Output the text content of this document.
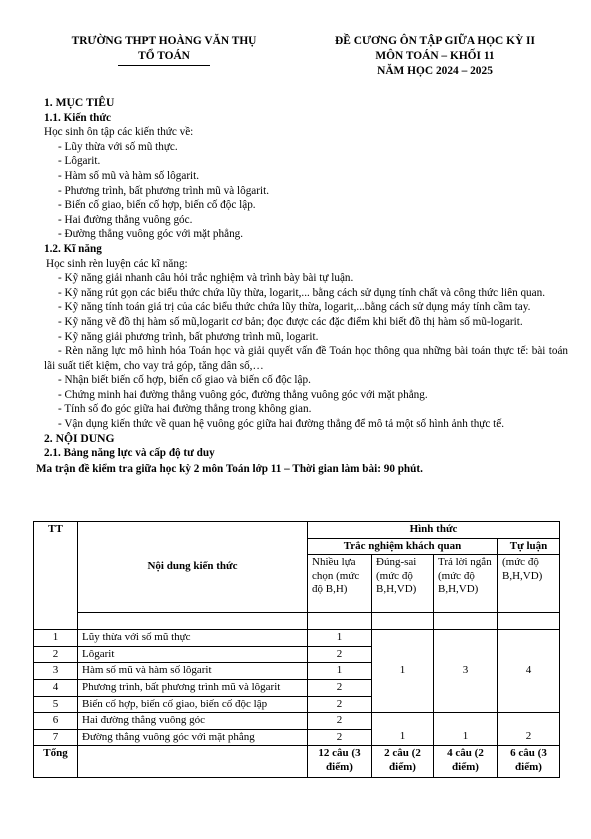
TRƯỜNG THPT HOÀNG VĂN THỤ
TỔ TOÁN
ĐỀ CƯƠNG ÔN TẬP GIỮA HỌC KỲ II
MÔN TOÁN – KHỐI 11
NĂM HỌC 2024 – 2025
1. MỤC TIÊU
1.1. Kiến thức
Học sinh ôn tập các kiến thức về:
- Lũy thừa với số mũ thực.
- Lôgarit.
- Hàm số mũ và hàm số lôgarit.
- Phương trình, bất phương trình mũ và lôgarit.
- Biến cố giao, biến cố hợp, biến cố độc lập.
- Hai đường thẳng vuông góc.
- Đường thẳng vuông góc với mặt phẳng.
1.2. Kĩ năng
Học sinh rèn luyện các kĩ năng:
- Kỹ năng giải nhanh câu hỏi trắc nghiệm và trình bày bài tự luận.
- Kỹ năng rút gọn các biểu thức chứa lũy thừa, logarit,... bằng cách sử dụng tính chất và công thức liên quan.
- Kỹ năng tính toán giá trị của các biểu thức chứa lũy thừa, logarit,...bằng cách sử dụng máy tính cầm tay.
- Kỹ năng vẽ đồ thị hàm số mũ,logarit cơ bản; đọc được các đặc điểm khi biết đồ thị hàm số mũ-logarit.
- Kỹ năng giải phương trình, bất phương trình mũ, logarit.
- Rèn năng lực mô hình hóa Toán học và giải quyết vấn đề Toán học thông qua những bài toán thực tế: bài toán lãi suất tiết kiệm, cho vay trả góp, tăng dân số,…
- Nhận biết biến cố hợp, biến cố giao và biến cố độc lập.
- Chứng minh hai đường thẳng vuông góc, đường thẳng vuông góc với mặt phẳng.
- Tính số đo góc giữa hai đường thẳng trong không gian.
- Vận dụng kiến thức về quan hệ vuông góc giữa hai đường thẳng để mô tả một số hình ảnh thực tế.
2. NỘI DUNG
2.1. Bảng năng lực và cấp độ tư duy
Ma trận đề kiểm tra giữa học kỳ 2 môn Toán lớp 11 – Thời gian làm bài: 90 phút.
TT	Nội dung kiến thức	Hình thức			
		Trắc nghiệm khách quan			Tự luận
		Nhiều lựa chọn (mức độ B,H)	Đúng-sai (mức độ B,H,VD)	Trả lời ngắn (mức độ B,H,VD)	(mức độ B,H,VD)

1	Lũy thừa với số mũ thực	1	1	3	4
2	Lôgarit	2			
3	Hàm số mũ và hàm số lôgarit	1			
4	Phương trình, bất phương trình mũ và lôgarit	2			
5	Biến cố hợp, biến cố giao, biến cố độc lập	2			
6	Hai đường thẳng vuông góc	2			
7	Đường thẳng vuông góc với mặt phẳng	2	1	1	2
Tổng		12 câu (3 điểm)	2 câu (2 điểm)	4 câu (2 điểm)	6 câu (3 điểm)
